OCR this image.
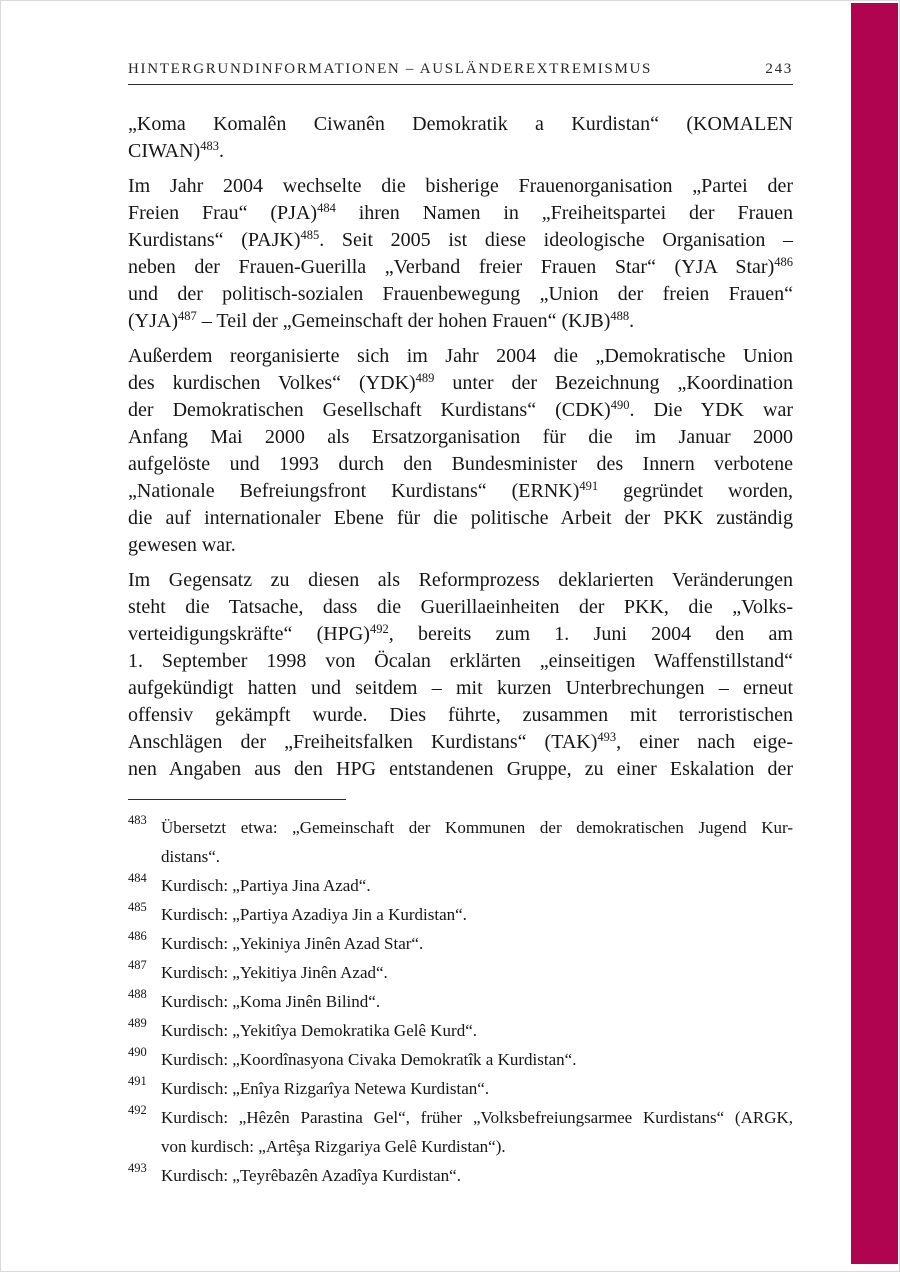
HINTERGRUNDINFORMATIONEN – AUSLÄNDEREXTREMISMUS	243
„Koma Komalên Ciwanên Demokratik a Kurdistan“ (KOMALEN
CIWAN)$^{483}$.
Im Jahr 2004 wechselte die bisherige Frauenorganisation „Partei der
Freien Frau“ (PJA)$^{484}$ ihren Namen in „Freiheitspartei der Frauen
Kurdistans“ (PAJK)$^{485}$. Seit 2005 ist diese ideologische Organisation –
neben der Frauen-Guerilla „Verband freier Frauen Star“ (YJA Star)$^{486}$
und der politisch-sozialen Frauenbewegung „Union der freien Frauen“
(YJA)$^{487}$ – Teil der „Gemeinschaft der hohen Frauen“ (KJB)$^{488}$.
Außerdem reorganisierte sich im Jahr 2004 die „Demokratische Union
des kurdischen Volkes“ (YDK)$^{489}$ unter der Bezeichnung „Koordination
der Demokratischen Gesellschaft Kurdistans“ (CDK)$^{490}$. Die YDK war
Anfang Mai 2000 als Ersatzorganisation für die im Januar 2000
aufgelöste und 1993 durch den Bundesminister des Innern verbotene
„Nationale Befreiungsfront Kurdistans“ (ERNK)$^{491}$ gegründet worden,
die auf internationaler Ebene für die politische Arbeit der PKK zuständig
gewesen war.
Im Gegensatz zu diesen als Reformprozess deklarierten Veränderungen
steht die Tatsache, dass die Guerillaeinheiten der PKK, die „Volks-
verteidigungskräfte“ (HPG)$^{492}$, bereits zum 1. Juni 2004 den am
1. September 1998 von Öcalan erklärten „einseitigen Waffenstillstand“
aufgekündigt hatten und seitdem – mit kurzen Unterbrechungen – erneut
offensiv gekämpft wurde. Dies führte, zusammen mit terroristischen
Anschlägen der „Freiheitsfalken Kurdistans“ (TAK)$^{493}$, einer nach eige-
nen Angaben aus den HPG entstandenen Gruppe, zu einer Eskalation der
483 Übersetzt etwa: „Gemeinschaft der Kommunen der demokratischen Jugend Kur-
distans“.
484 Kurdisch: „Partiya Jina Azad“.
485 Kurdisch: „Partiya Azadiya Jin a Kurdistan“.
486 Kurdisch: „Yekiniya Jinên Azad Star“.
487 Kurdisch: „Yekitiya Jinên Azad“.
488 Kurdisch: „Koma Jinên Bilind“.
489 Kurdisch: „Yekitîya Demokratika Gelê Kurd“.
490 Kurdisch: „Koordînasyona Civaka Demokratîk a Kurdistan“.
491 Kurdisch: „Enîya Rizgarîya Netewa Kurdistan“.
492 Kurdisch: „Hêzên Parastina Gel“, früher „Volksbefreiungsarmee Kurdistans“ (ARGK,
von kurdisch: „Artêşa Rizgariya Gelê Kurdistan“).
493 Kurdisch: „Teyrêbazên Azadîya Kurdistan“.
